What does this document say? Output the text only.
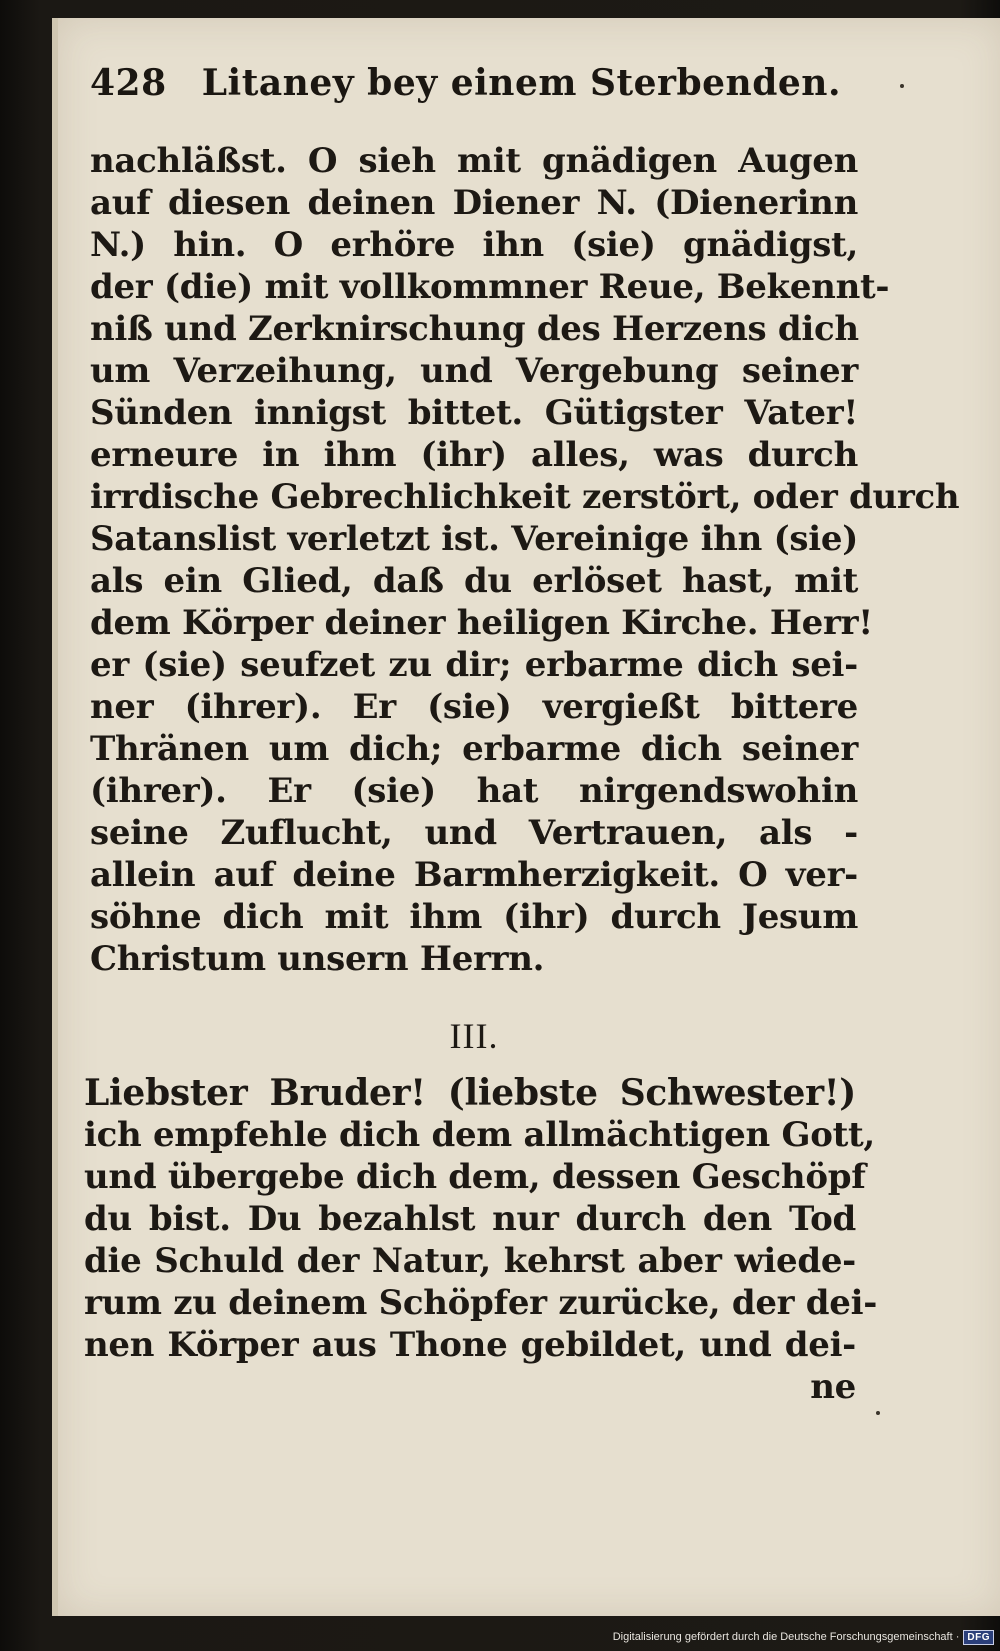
428 Litaney bey einem Sterbenden.
nachläßst. O sieh mit gnädigen Augen
auf diesen deinen Diener N. (Dienerinn
N.) hin. O erhöre ihn (sie) gnädigst,
der (die) mit vollkommner Reue, Bekennt-
niß und Zerknirschung des Herzens dich
um Verzeihung, und Vergebung seiner
Sünden innigst bittet. Gütigster Vater!
erneure in ihm (ihr) alles, was durch
irrdische Gebrechlichkeit zerstört, oder durch
Satanslist verletzt ist. Vereinige ihn (sie)
als ein Glied, daß du erlöset hast, mit
dem Körper deiner heiligen Kirche. Herr!
er (sie) seufzet zu dir; erbarme dich sei-
ner (ihrer). Er (sie) vergießt bittere
Thränen um dich; erbarme dich seiner
(ihrer). Er (sie) hat nirgendswohin
seine Zuflucht, und Vertrauen, als -
allein auf deine Barmherzigkeit. O ver-
söhne dich mit ihm (ihr) durch Jesum
Christum unsern Herrn.
III.
Liebster Bruder! (liebste Schwester!)
ich empfehle dich dem allmächtigen Gott,
und übergebe dich dem, dessen Geschöpf
du bist. Du bezahlst nur durch den Tod
die Schuld der Natur, kehrst aber wiede-
rum zu deinem Schöpfer zurücke, der dei-
nen Körper aus Thone gebildet, und dei-
ne
Digitalisierung gefördert durch die Deutsche Forschungsgemeinschaft · DFG
